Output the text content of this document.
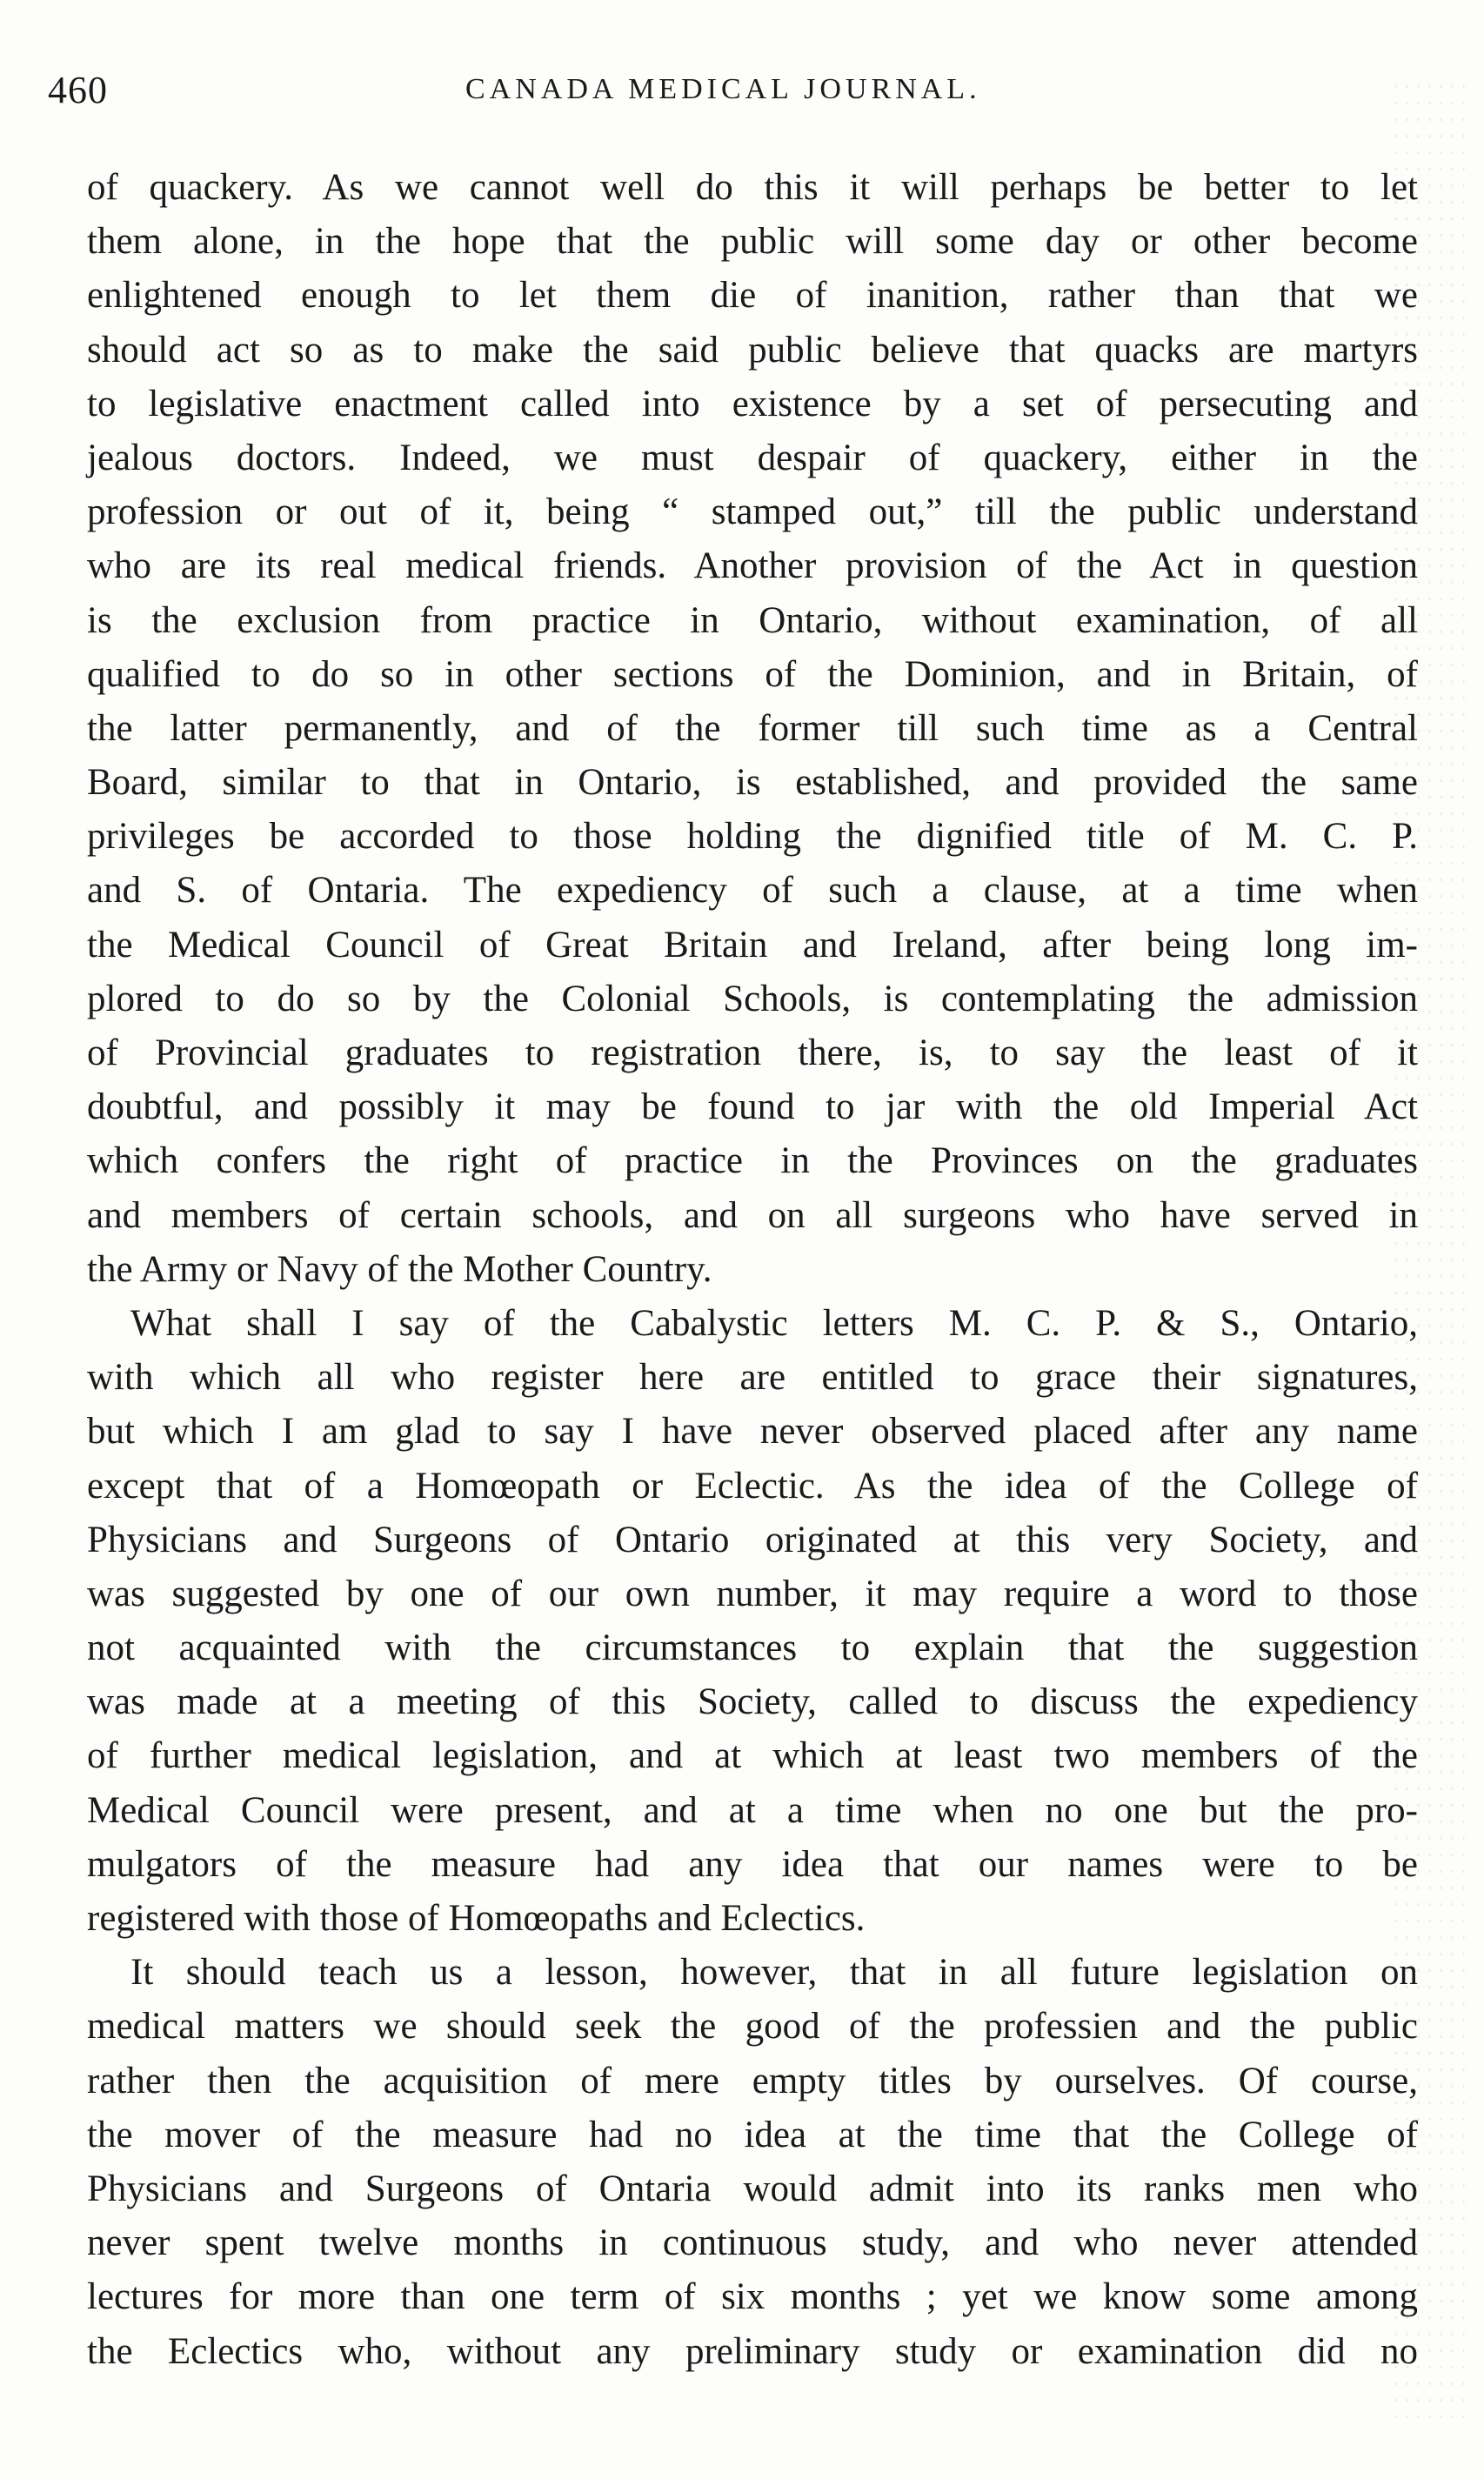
460	CANADA MEDICAL JOURNAL.
of quackery. As we cannot well do this it will perhaps be better to let
them alone, in the hope that the public will some day or other become
enlightened enough to let them die of inanition, rather than that we
should act so as to make the said public believe that quacks are martyrs
to legislative enactment called into existence by a set of persecuting and
jealous doctors. Indeed, we must despair of quackery, either in the
profession or out of it, being “ stamped out,” till the public understand
who are its real medical friends. Another provision of the Act in question
is the exclusion from practice in Ontario, without examination, of all
qualified to do so in other sections of the Dominion, and in Britain, of
the latter permanently, and of the former till such time as a Central
Board, similar to that in Ontario, is established, and provided the same
privileges be accorded to those holding the dignified title of M. C. P.
and S. of Ontaria. The expediency of such a clause, at a time when
the Medical Council of Great Britain and Ireland, after being long im-
plored to do so by the Colonial Schools, is contemplating the admission
of Provincial graduates to registration there, is, to say the least of it
doubtful, and possibly it may be found to jar with the old Imperial Act
which confers the right of practice in the Provinces on the graduates
and members of certain schools, and on all surgeons who have served in
the Army or Navy of the Mother Country.
What shall I say of the Cabalystic letters M. C. P. & S., Ontario,
with which all who register here are entitled to grace their signatures,
but which I am glad to say I have never observed placed after any name
except that of a Homœopath or Eclectic. As the idea of the College of
Physicians and Surgeons of Ontario originated at this very Society, and
was suggested by one of our own number, it may require a word to those
not acquainted with the circumstances to explain that the suggestion
was made at a meeting of this Society, called to discuss the expediency
of further medical legislation, and at which at least two members of the
Medical Council were present, and at a time when no one but the pro-
mulgators of the measure had any idea that our names were to be
registered with those of Homœopaths and Eclectics.
It should teach us a lesson, however, that in all future legislation on
medical matters we should seek the good of the professien and the public
rather then the acquisition of mere empty titles by ourselves. Of course,
the mover of the measure had no idea at the time that the College of
Physicians and Surgeons of Ontaria would admit into its ranks men who
never spent twelve months in continuous study, and who never attended
lectures for more than one term of six months ; yet we know some among
the Eclectics who, without any preliminary study or examination did no
